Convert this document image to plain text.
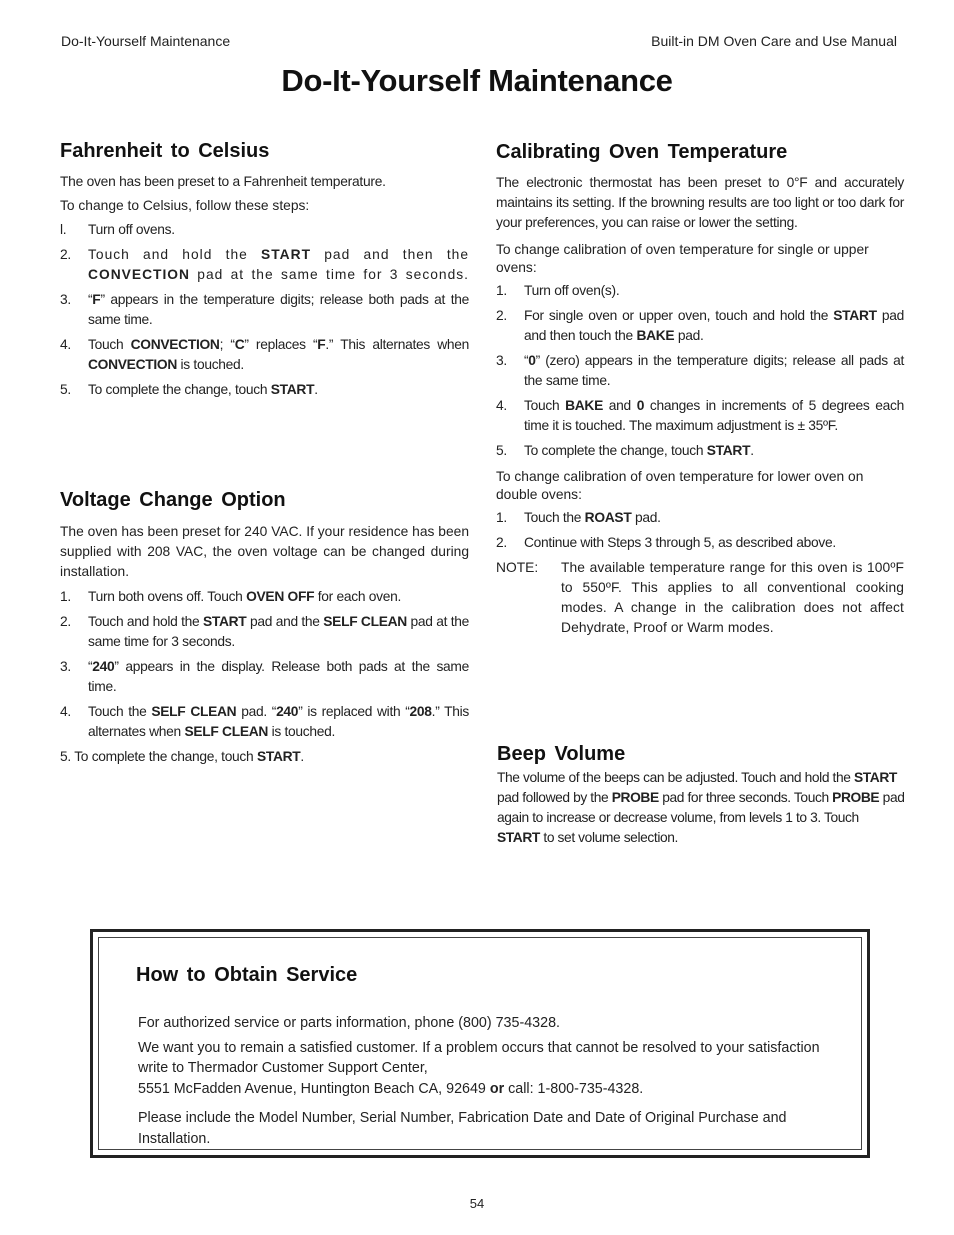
Do-It-Yourself Maintenance	Built-in DM Oven Care and Use Manual
Do-It-Yourself Maintenance
Fahrenheit to Celsius

The oven has been preset to a Fahrenheit temperature.

To change to Celsius, follow these steps:

l.	Turn off ovens.
2.	Touch and hold the START pad and then the CONVECTION pad at the same time for 3 seconds.
3.	“F” appears in the temperature digits; release both pads at the same time.
4.	Touch CONVECTION; “C” replaces “F.” This alternates when CONVECTION is touched.
5.	To complete the change, touch START.
Voltage Change Option

The oven has been preset for 240 VAC. If your residence has been supplied with 208 VAC, the oven voltage can be changed during installation.

1.	Turn both ovens off. Touch OVEN OFF for each oven.
2.	Touch and hold the START pad and the SELF CLEAN pad at the same time for 3 seconds.
3.	“240” appears in the display. Release both pads at the same time.
4.	Touch the SELF CLEAN pad. “240” is replaced with “208.” This alternates when SELF CLEAN is touched.

5. To complete the change, touch START.

Calibrating Oven Temperature

The electronic thermostat has been preset to 0°F and accurately maintains its setting. If the browning results are too light or too dark for your preferences, you can raise or lower the setting.

To change calibration of oven temperature for single or upper ovens:

1.	Turn off oven(s).
2.	For single oven or upper oven, touch and hold the START pad and then touch the BAKE pad.
3.	“0” (zero) appears in the temperature digits; release all pads at the same time.
4.	Touch BAKE and 0 changes in increments of 5 degrees each time it is touched. The maximum adjustment is ± 35ºF.
5.	To complete the change, touch START.

To change calibration of oven temperature for lower oven on double ovens:

1.	Touch the ROAST pad.
2.	Continue with Steps 3 through 5, as described above.
NOTE:	The available temperature range for this oven is 100ºF to 550ºF. This applies to all conventional cooking modes. A change in the calibration does not affect Dehydrate, Proof or Warm modes.
Beep Volume

The volume of the beeps can be adjusted. Touch and hold the START pad followed by the PROBE pad for three seconds. Touch PROBE pad again to increase or decrease volume, from levels 1 to 3. Touch START to set volume selection.

How to Obtain Service

For authorized service or parts information, phone (800) 735-4328.

We want you to remain a satisfied customer. If a problem occurs that cannot be resolved to your satisfaction write to Thermador Customer Support Center,
5551 McFadden Avenue, Huntington Beach CA, 92649 or call: 1-800-735-4328.

Please include the Model Number, Serial Number, Fabrication Date and Date of Original Purchase and Installation.

54
